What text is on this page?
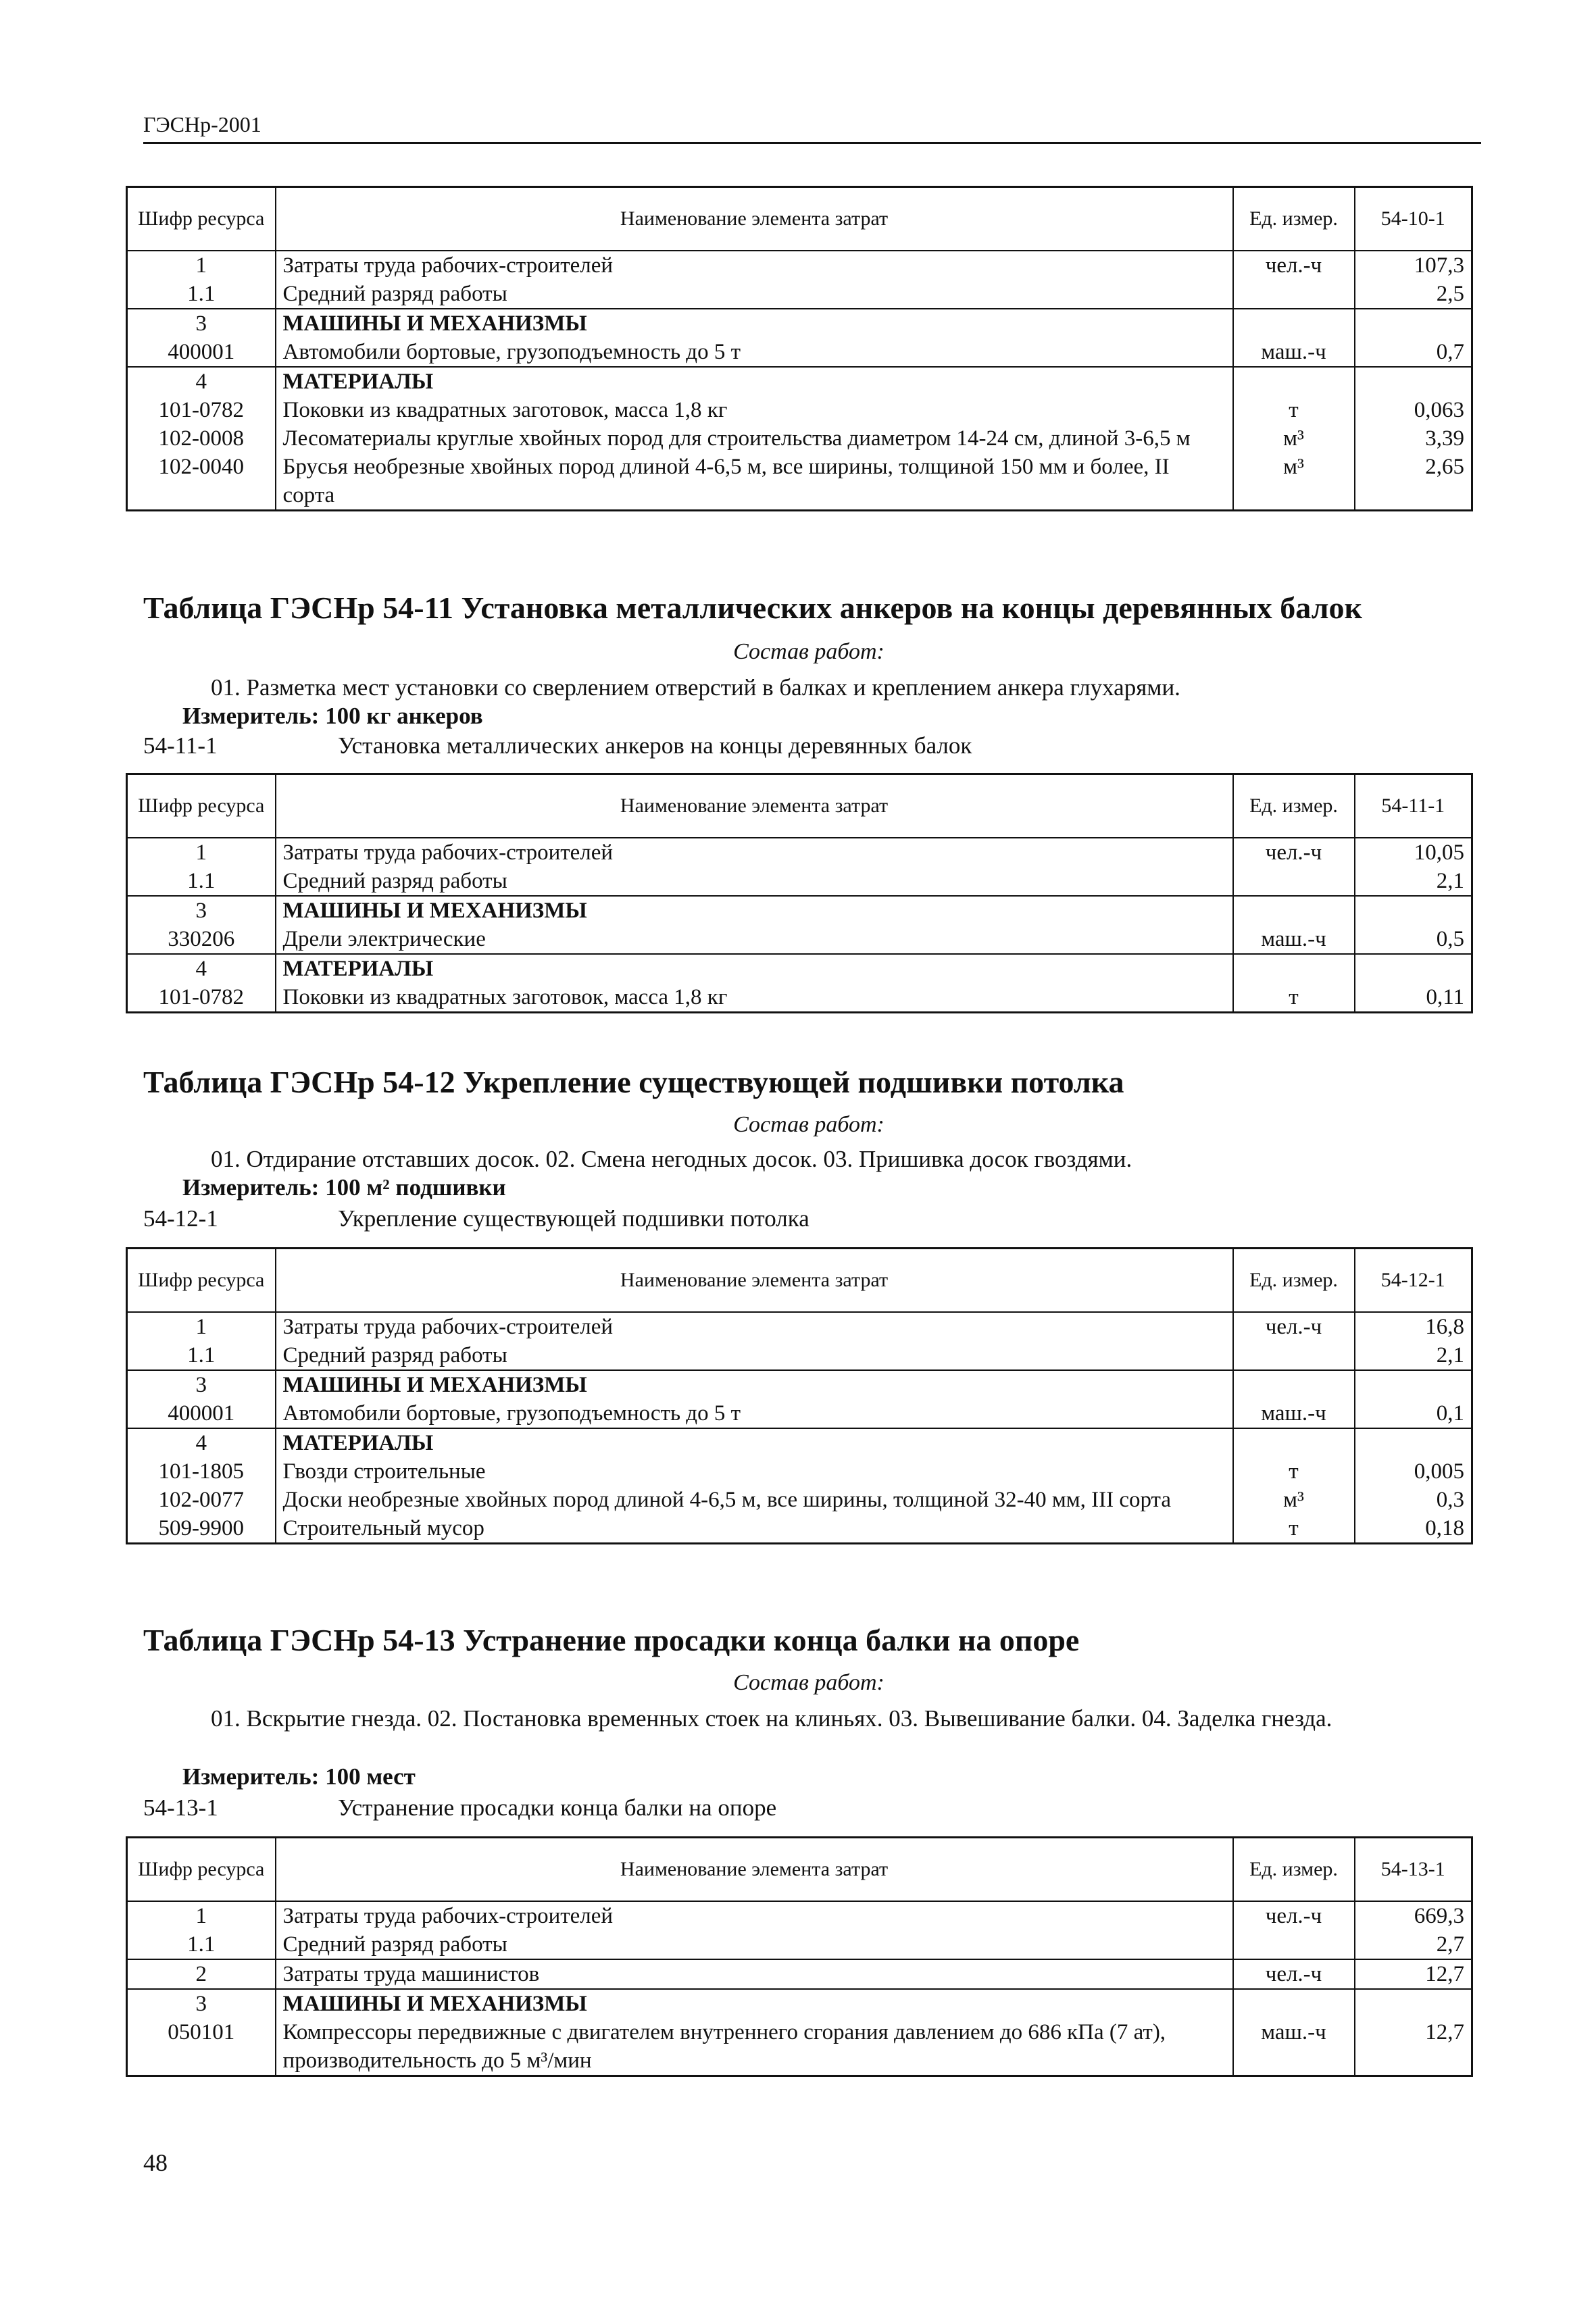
ГЭСНр-2001
Шифр ресурса	Наименование элемента затрат	Ед. измер.	54-10-1
1	Затраты труда рабочих-строителей	чел.-ч	107,3
1.1	Средний разряд работы		2,5
3	МАШИНЫ И МЕХАНИЗМЫ		
400001	Автомобили бортовые, грузоподъемность до 5 т	маш.-ч	0,7
4	МАТЕРИАЛЫ		
101-0782	Поковки из квадратных заготовок, масса 1,8 кг	т	0,063
102-0008	Лесоматериалы круглые хвойных пород для строительства диаметром 14-24 см, длиной 3-6,5 м	м³	3,39
102-0040	Брусья необрезные хвойных пород длиной 4-6,5 м, все ширины, толщиной 150 мм и более, II сорта	м³	2,65
Таблица ГЭСНр 54-11 Установка металлических анкеров на концы деревянных балок
Состав работ:
01. Разметка мест установки со сверлением отверстий в балках и креплением анкера глухарями.
Измеритель: 100 кг анкеров
54-11-1	Установка металлических анкеров на концы деревянных балок
Шифр ресурса	Наименование элемента затрат	Ед. измер.	54-11-1
1	Затраты труда рабочих-строителей	чел.-ч	10,05
1.1	Средний разряд работы		2,1
3	МАШИНЫ И МЕХАНИЗМЫ		
330206	Дрели электрические	маш.-ч	0,5
4	МАТЕРИАЛЫ		
101-0782	Поковки из квадратных заготовок, масса 1,8 кг	т	0,11
Таблица ГЭСНр 54-12 Укрепление существующей подшивки потолка
Состав работ:
01. Отдирание отставших досок. 02. Смена негодных досок. 03. Пришивка досок гвоздями.
Измеритель: 100 м² подшивки
54-12-1	Укрепление существующей подшивки потолка
Шифр ресурса	Наименование элемента затрат	Ед. измер.	54-12-1
1	Затраты труда рабочих-строителей	чел.-ч	16,8
1.1	Средний разряд работы		2,1
3	МАШИНЫ И МЕХАНИЗМЫ		
400001	Автомобили бортовые, грузоподъемность до 5 т	маш.-ч	0,1
4	МАТЕРИАЛЫ		
101-1805	Гвозди строительные	т	0,005
102-0077	Доски необрезные хвойных пород длиной 4-6,5 м, все ширины, толщиной 32-40 мм, III сорта	м³	0,3
509-9900	Строительный мусор	т	0,18
Таблица ГЭСНр 54-13 Устранение просадки конца балки на опоре
Состав работ:
01. Вскрытие гнезда. 02. Постановка временных стоек на клиньях. 03. Вывешивание балки. 04. Заделка гнезда.
Измеритель: 100 мест
54-13-1	Устранение просадки конца балки на опоре
Шифр ресурса	Наименование элемента затрат	Ед. измер.	54-13-1
1	Затраты труда рабочих-строителей	чел.-ч	669,3
1.1	Средний разряд работы		2,7
2	Затраты труда машинистов	чел.-ч	12,7
3	МАШИНЫ И МЕХАНИЗМЫ		
050101	Компрессоры передвижные с двигателем внутреннего сгорания давлением до 686 кПа (7 ат), производительность до 5 м³/мин	маш.-ч	12,7
48
